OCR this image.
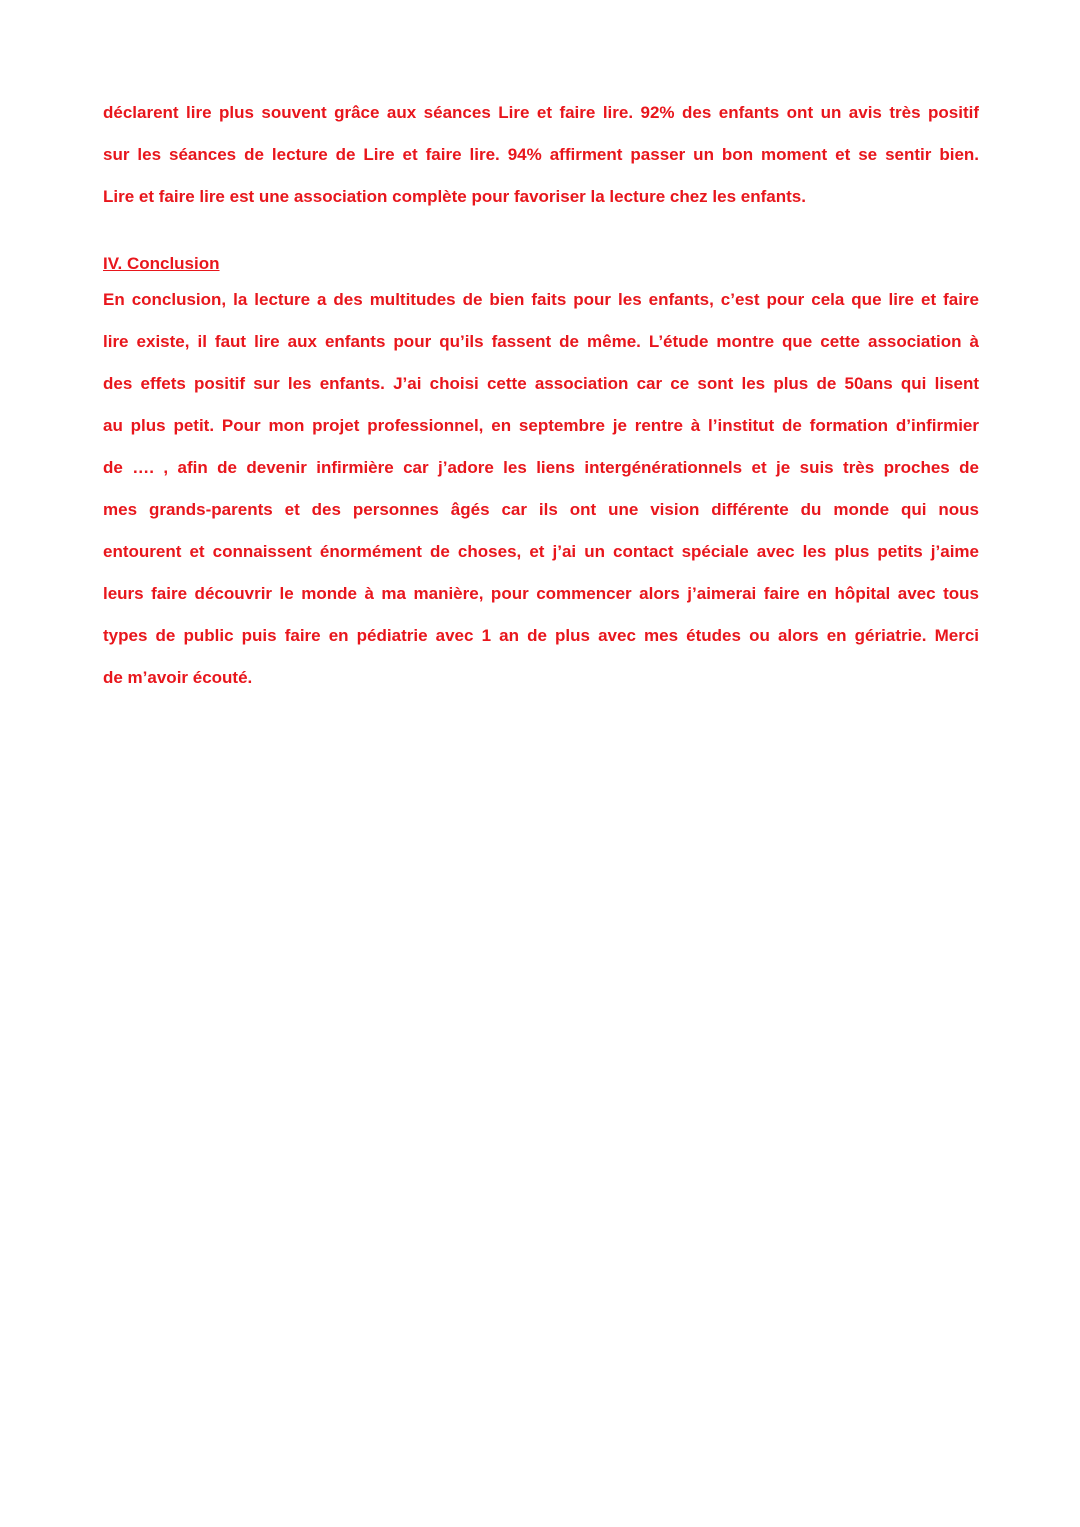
déclarent lire plus souvent grâce aux séances Lire et faire lire. 92% des enfants ont un avis très positif

sur les séances de lecture de Lire et faire lire. 94% affirment passer un bon moment et se sentir bien.

Lire et faire lire est une association complète pour favoriser la lecture chez les enfants.

IV. Conclusion

En conclusion, la lecture a des multitudes de bien faits pour les enfants, c’est pour cela que lire et faire

lire existe, il faut lire aux enfants pour qu’ils fassent de même. L’étude montre que cette association à

des effets positif sur les enfants. J’ai choisi cette association car ce sont les plus de 50ans qui lisent

au plus petit. Pour mon projet professionnel, en septembre je rentre à l’institut de formation d’infirmier

de …. , afin de devenir infirmière car j’adore les liens intergénérationnels et je suis très proches de

mes grands-parents et des personnes âgés car ils ont une vision différente du monde qui nous

entourent et connaissent énormément de choses, et j’ai un contact spéciale avec les plus petits j’aime

leurs faire découvrir le monde à ma manière, pour commencer alors j’aimerai faire en hôpital avec tous

types de public puis faire en pédiatrie avec 1 an de plus avec mes études ou alors en gériatrie. Merci

de m’avoir écouté.
